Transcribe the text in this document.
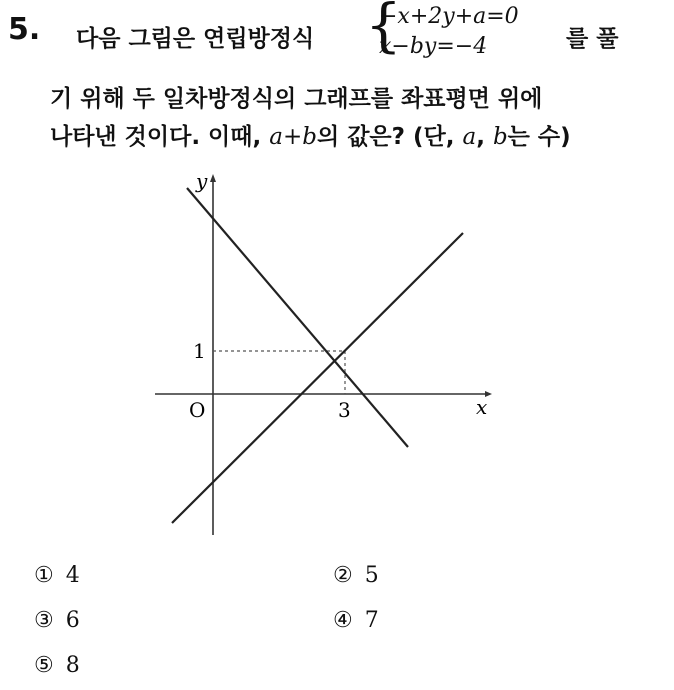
5. 다음 그림은 연립방정식 {
−x+2y+a=0
x−by=−4	를 풀
기 위해 두 일차방정식의 그래프를 좌표평면 위에
나타낸 것이다. 이때, a+b의 값은? (단, a, b는 수)
y
x
O	3
1
① 4	② 5
③ 6	④ 7
⑤ 8
